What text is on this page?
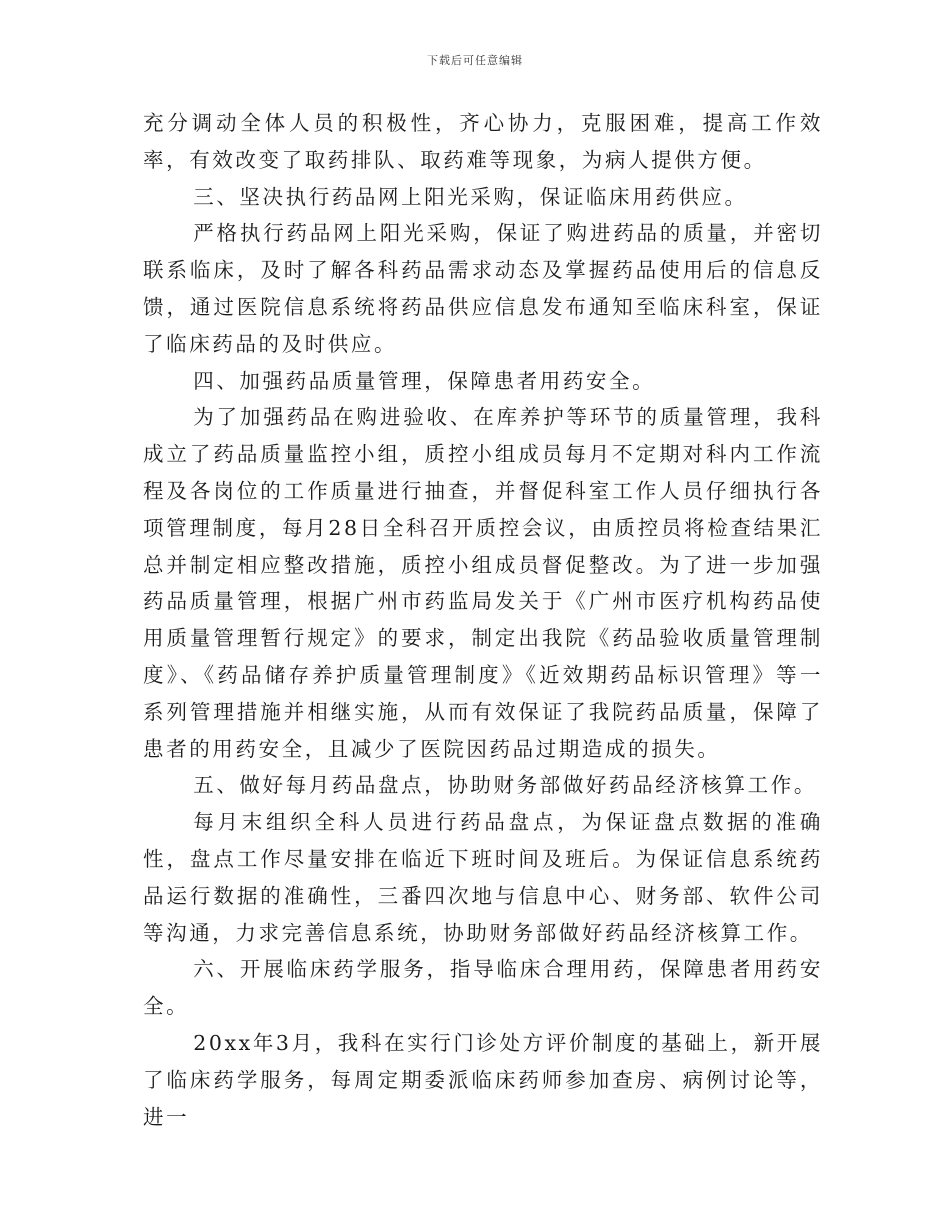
下载后可任意编辑

充分调动全体人员的积极性，齐心协力，克服困难，提高工作效率，有效改变了取药排队、取药难等现象，为病人提供方便。

三、坚决执行药品网上阳光采购，保证临床用药供应。

严格执行药品网上阳光采购，保证了购进药品的质量，并密切联系临床，及时了解各科药品需求动态及掌握药品使用后的信息反馈，通过医院信息系统将药品供应信息发布通知至临床科室，保证了临床药品的及时供应。

四、加强药品质量管理，保障患者用药安全。

为了加强药品在购进验收、在库养护等环节的质量管理，我科成立了药品质量监控小组，质控小组成员每月不定期对科内工作流程及各岗位的工作质量进行抽查，并督促科室工作人员仔细执行各项管理制度，每月28日全科召开质控会议，由质控员将检查结果汇总并制定相应整改措施，质控小组成员督促整改。为了进一步加强药品质量管理，根据广州市药监局发关于《广州市医疗机构药品使用质量管理暂行规定》的要求，制定出我院《药品验收质量管理制度》、《药品储存养护质量管理制度》《近效期药品标识管理》等一系列管理措施并相继实施，从而有效保证了我院药品质量，保障了患者的用药安全，且减少了医院因药品过期造成的损失。

五、做好每月药品盘点，协助财务部做好药品经济核算工作。

每月末组织全科人员进行药品盘点，为保证盘点数据的准确性，盘点工作尽量安排在临近下班时间及班后。为保证信息系统药品运行数据的准确性，三番四次地与信息中心、财务部、软件公司等沟通，力求完善信息系统，协助财务部做好药品经济核算工作。

六、开展临床药学服务，指导临床合理用药，保障患者用药安全。

20xx年3月，我科在实行门诊处方评价制度的基础上，新开展了临床药学服务，每周定期委派临床药师参加查房、病例讨论等，进一
